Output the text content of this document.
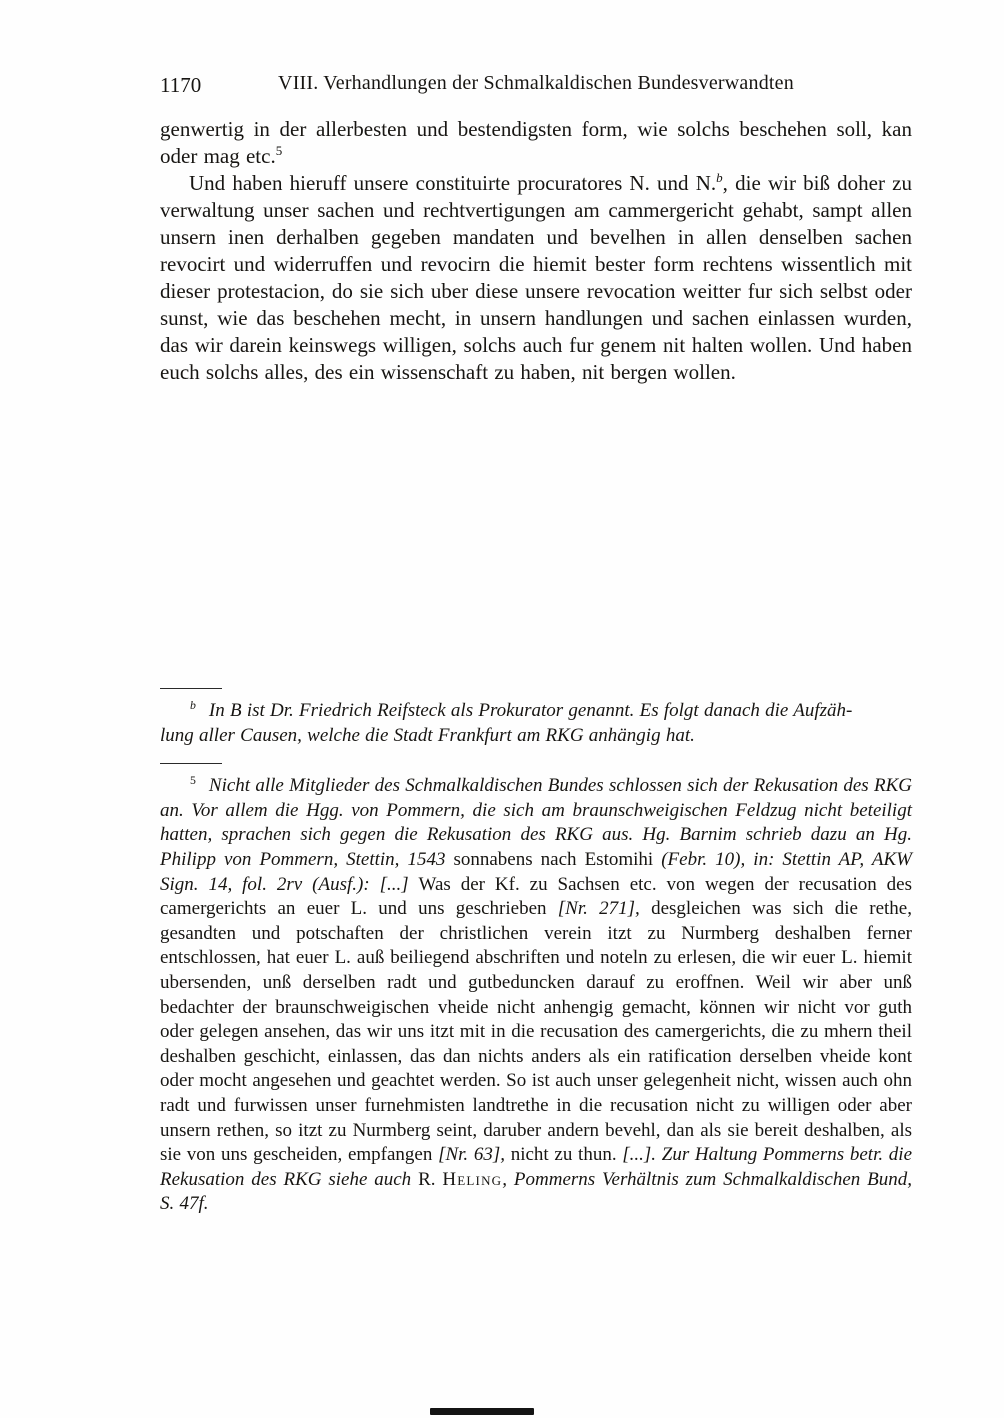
1170	VIII. Verhandlungen der Schmalkaldischen Bundesverwandten

genwertig in der allerbesten und bestendigsten form, wie solchs beschehen soll, kan oder mag etc.$^5$

Und haben hieruff unsere constituirte procuratores N. und N.$^b$, die wir biß doher zu verwaltung unser sachen und rechtvertigungen am cammergericht gehabt, sampt allen unsern inen derhalben gegeben mandaten und bevelhen in allen denselben sachen revocirt und widerruffen und revocirn die hiemit bester form rechtens wissentlich mit dieser protestacion, do sie sich uber diese unsere revocation weitter fur sich selbst oder sunst, wie das beschehen mecht, in unsern handlungen und sachen einlassen wurden, das wir darein keinswegs willigen, solchs auch fur genem nit halten wollen. Und haben euch solchs alles, des ein wissenschaft zu haben, nit bergen wollen.

$^b$ In B ist Dr. Friedrich Reifsteck als Prokurator genannt. Es folgt danach die Aufzäh-
lung aller Causen, welche die Stadt Frankfurt am RKG anhängig hat.

$^5$ Nicht alle Mitglieder des Schmalkaldischen Bundes schlossen sich der Rekusation des RKG an. Vor allem die Hgg. von Pommern, die sich am braunschweigischen Feldzug nicht beteiligt hatten, sprachen sich gegen die Rekusation des RKG aus. Hg. Barnim schrieb dazu an Hg. Philipp von Pommern, Stettin, 1543 sonnabens nach Estomihi (Febr. 10), in: Stettin AP, AKW Sign. 14, fol. 2rv (Ausf.): [...] Was der Kf. zu Sachsen etc. von wegen der recusation des camergerichts an euer L. und uns geschrieben [Nr. 271], desgleichen was sich die rethe, gesandten und potschaften der christlichen verein itzt zu Nurmberg deshalben ferner entschlossen, hat euer L. auß beiliegend abschriften und noteln zu erlesen, die wir euer L. hiemit ubersenden, unß derselben radt und gutbeduncken darauf zu eroffnen. Weil wir aber unß bedachter der braunschweigischen vheide nicht anhengig gemacht, können wir nicht vor guth oder gelegen ansehen, das wir uns itzt mit in die recusation des camergerichts, die zu mhern theil deshalben geschicht, einlassen, das dan nichts anders als ein ratification derselben vheide kont oder mocht angesehen und geachtet werden. So ist auch unser gelegenheit nicht, wissen auch ohn radt und furwissen unser furnehmisten landtrethe in die recusation nicht zu willigen oder aber unsern rethen, so itzt zu Nurmberg seint, daruber andern bevehl, dan als sie bereit deshalben, als sie von uns gescheiden, empfangen [Nr. 63], nicht zu thun. [...]. Zur Haltung Pommerns betr. die Rekusation des RKG siehe auch R. Heling, Pommerns Verhältnis zum Schmalkaldischen Bund, S. 47f.
